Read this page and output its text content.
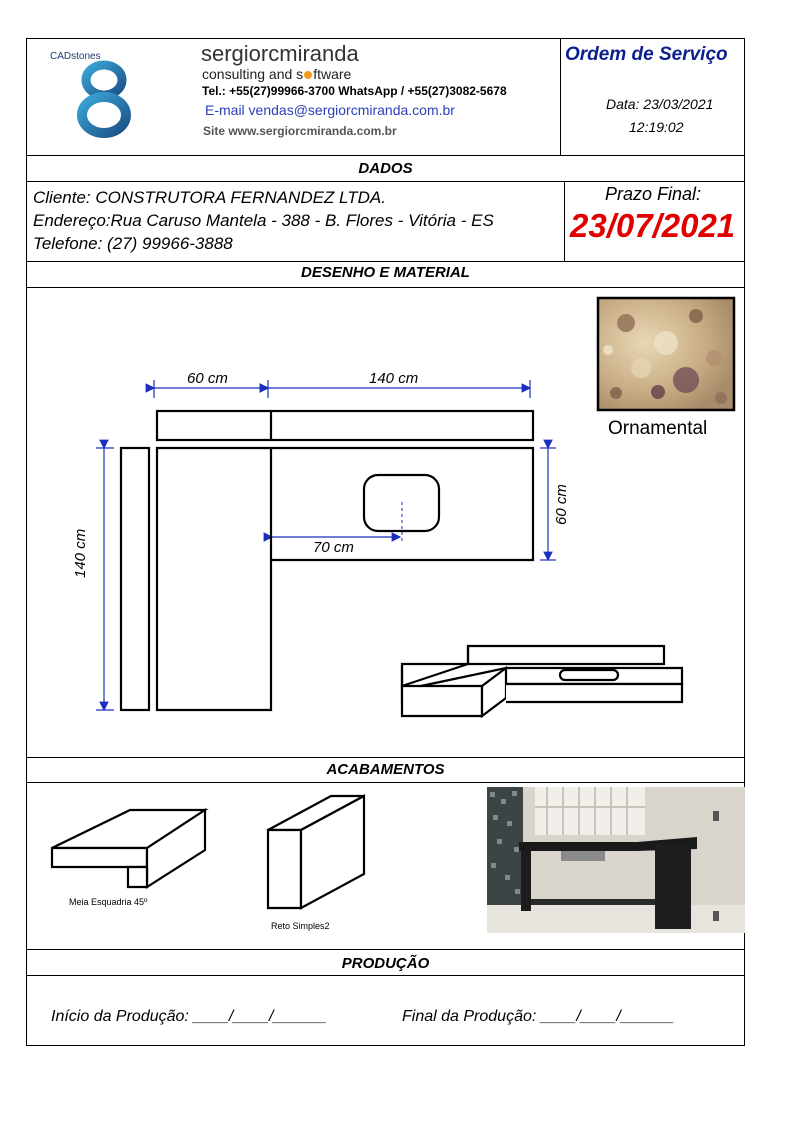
CADstones	sergiorcmiranda
consulting and s ftware
Tel.: +55(27)99966-3700 WhatsApp / +55(27)3082-5678
E-mail vendas@sergiorcmiranda.com.br
Site www.sergiorcmiranda.com.br
Ordem de Serviço
Data: 23/03/2021
12:19:02
DADOS
Cliente: CONSTRUTORA FERNANDEZ LTDA.
Endereço:Rua Caruso Mantela - 388 - B. Flores - Vitória - ES
Telefone: (27) 99966-3888
Prazo Final:
23/07/2021
DESENHO E MATERIAL
60 cm	140 cm
140 cm
60 cm
70 cm
Ornamental
ACABAMENTOS
Meia Esquadria 45º
Reto Simples2
PRODUÇÃO
Início da Produção: ____/____/______	Final da Produção: ____/____/______
